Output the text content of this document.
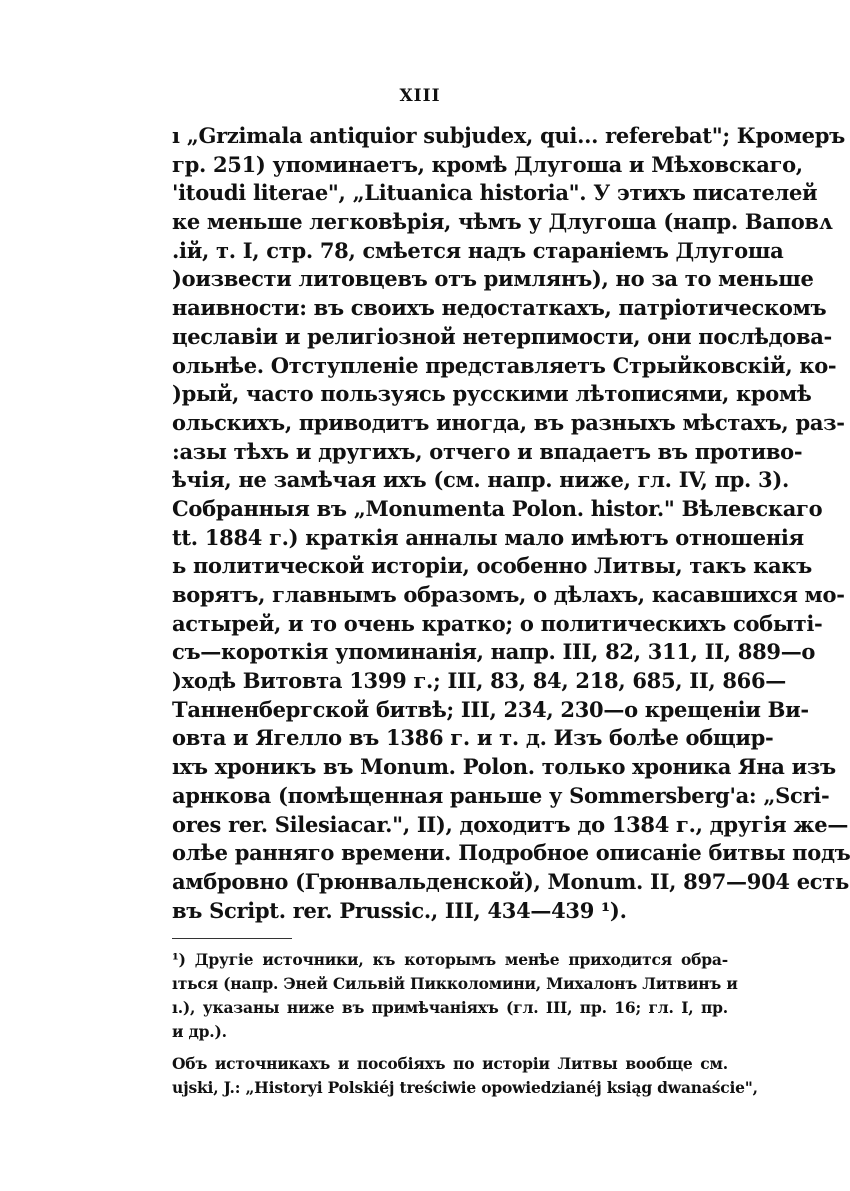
XIII
ı „Grzimala antiquior subjudex, qui... referebat"; Кромеръ
гр. 251) упоминаетъ, кромѣ Длугоша и Мѣховскаго,
'itoudi literae", „Lituanica historia". У этихъ писателей
ке меньше легковѣрія, чѣмъ у Длугоша (напр. Ваповᴧ
.ій, т. I, стр. 78, смѣется надъ стараніемъ Длугоша
)оизвести литовцевъ отъ римлянъ), но за то меньше
наивности: въ своихъ недостаткахъ, патріотическомъ
цеславіи и религіозной нетерпимости, они послѣдова-
ольнѣе. Отступленіе представляетъ Стрыйковскій, ко-
)рый, часто пользуясь русскими лѣтописями, кромѣ
ольскихъ, приводитъ иногда, въ разныхъ мѣстахъ, раз-
:азы тѣхъ и другихъ, отчего и впадаетъ въ противо-
ѣчія, не замѣчая ихъ (см. напр. ниже, гл. IV, пр. 3).
Собранныя въ „Monumenta Polon. histor." Вѣлевскаго
tt. 1884 г.) краткія анналы мало имѣютъ отношенія
ь политической исторіи, особенно Литвы, такъ какъ
ворятъ, главнымъ образомъ, о дѣлахъ, касавшихся мо-
астырей, и то очень кратко; о политическихъ событі-
съ—короткія упоминанія, напр. III, 82, 311, II, 889—о
)ходѣ Витовта 1399 г.; III, 83, 84, 218, 685, II, 866—
Танненбергской битвѣ; III, 234, 230—о крещеніи Ви-
овта и Ягелло въ 1386 г. и т. д. Изъ болѣе общир-
ıхъ хроникъ въ Monum. Polon. только хроника Яна изъ
арнкова (помѣщенная раньше у Sommersberg'a: „Scri-
ores rer. Silesiacar.", II), доходитъ до 1384 г., другія же—
олѣе ранняго времени. Подробное описаніе битвы подъ
амбровно (Грюнвальденской), Monum. II, 897—904 есть
въ Script. rer. Prussic., III, 434—439 ¹).
¹) Другіе источники, къ которымъ менѣе приходится обра-
ıться (напр. Эней Сильвій Пикколомини, Михалонъ Литвинъ и
ı.), указаны ниже въ примѣчаніяхъ (гл. III, пр. 16; гл. I, пр.
и др.).
Объ источникахъ и пособіяхъ по исторіи Литвы вообще см.
ujski, J.: „Historyi Polskiéj treściwie opowiedzianéj ksiąg dwanaście",
